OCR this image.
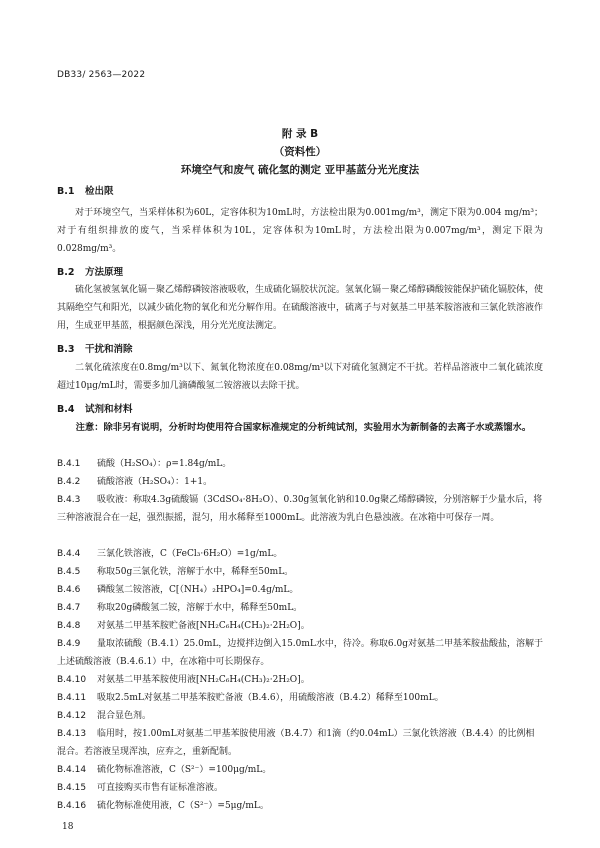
DB33/ 2563—2022
附 录 B
（资料性）
环境空气和废气 硫化氢的测定 亚甲基蓝分光光度法
B.1 检出限
对于环境空气，当采样体积为60L，定容体积为10mL时，方法检出限为0.001mg/m³，测定下限为0.004 mg/m³；对于有组织排放的废气，当采样体积为10L，定容体积为10mL时，方法检出限为0.007mg/m³，测定下限为0.028mg/m³。
B.2 方法原理
硫化氢被氢氧化镉－聚乙烯醇磷铵溶液吸收，生成硫化镉胶状沉淀。氢氧化镉－聚乙烯醇磷酸铵能保护硫化镉胶体，使其隔绝空气和阳光，以减少硫化物的氧化和光分解作用。在硫酸溶液中，硫离子与对氨基二甲基苯胺溶液和三氯化铁溶液作用，生成亚甲基蓝，根据颜色深浅，用分光光度法测定。
B.3 干扰和消除
二氧化硫浓度在0.8mg/m³以下、氮氧化物浓度在0.08mg/m³以下对硫化氢测定不干扰。若样品溶液中二氧化硫浓度超过10μg/mL时，需要多加几滴磷酸氢二铵溶液以去除干扰。
B.4 试剂和材料
注意：除非另有说明，分析时均使用符合国家标准规定的分析纯试剂，实验用水为新制备的去离子水或蒸馏水。
B.4.1 硫酸（H₂SO₄）：ρ=1.84g/mL。
B.4.2 硫酸溶液（H₂SO₄）：1+1。
B.4.3 吸收液：称取4.3g硫酸镉（3CdSO₄·8H₂O）、0.30g氢氧化钠和10.0g聚乙烯醇磷铵，分别溶解于少量水后，将三种溶液混合在一起，强烈振摇，混匀，用水稀释至1000mL。此溶液为乳白色悬浊液。在冰箱中可保存一周。
B.4.4 三氯化铁溶液，C（FeCl₃·6H₂O）=1g/mL。
B.4.5 称取50g三氯化铁，溶解于水中，稀释至50mL。
B.4.6 磷酸氢二铵溶液，C[（NH₄）₂HPO₄]=0.4g/mL。
B.4.7 称取20g磷酸氢二铵，溶解于水中，稀释至50mL。
B.4.8 对氨基二甲基苯胺贮备液[NH₂C₆H₄(CH₃)₂·2H₂O]。
B.4.9 量取浓硫酸（B.4.1）25.0mL，边搅拌边倒入15.0mL水中，待冷。称取6.0g对氨基二甲基苯胺盐酸盐，溶解于上述硫酸溶液（B.4.6.1）中，在冰箱中可长期保存。
B.4.10 对氨基二甲基苯胺使用液[NH₂C₆H₄(CH₃)₂·2H₂O]。
B.4.11 吸取2.5mL对氨基二甲基苯胺贮备液（B.4.6），用硫酸溶液（B.4.2）稀释至100mL。
B.4.12 混合显色剂。
B.4.13 临用时，按1.00mL对氨基二甲基苯胺使用液（B.4.7）和1滴（约0.04mL）三氯化铁溶液（B.4.4）的比例相混合。若溶液呈现浑浊，应弃之，重新配制。
B.4.14 硫化物标准溶液，C（S²⁻）=100μg/mL。
B.4.15 可直接购买市售有证标准溶液。
B.4.16 硫化物标准使用液，C（S²⁻）=5μg/mL。
18
